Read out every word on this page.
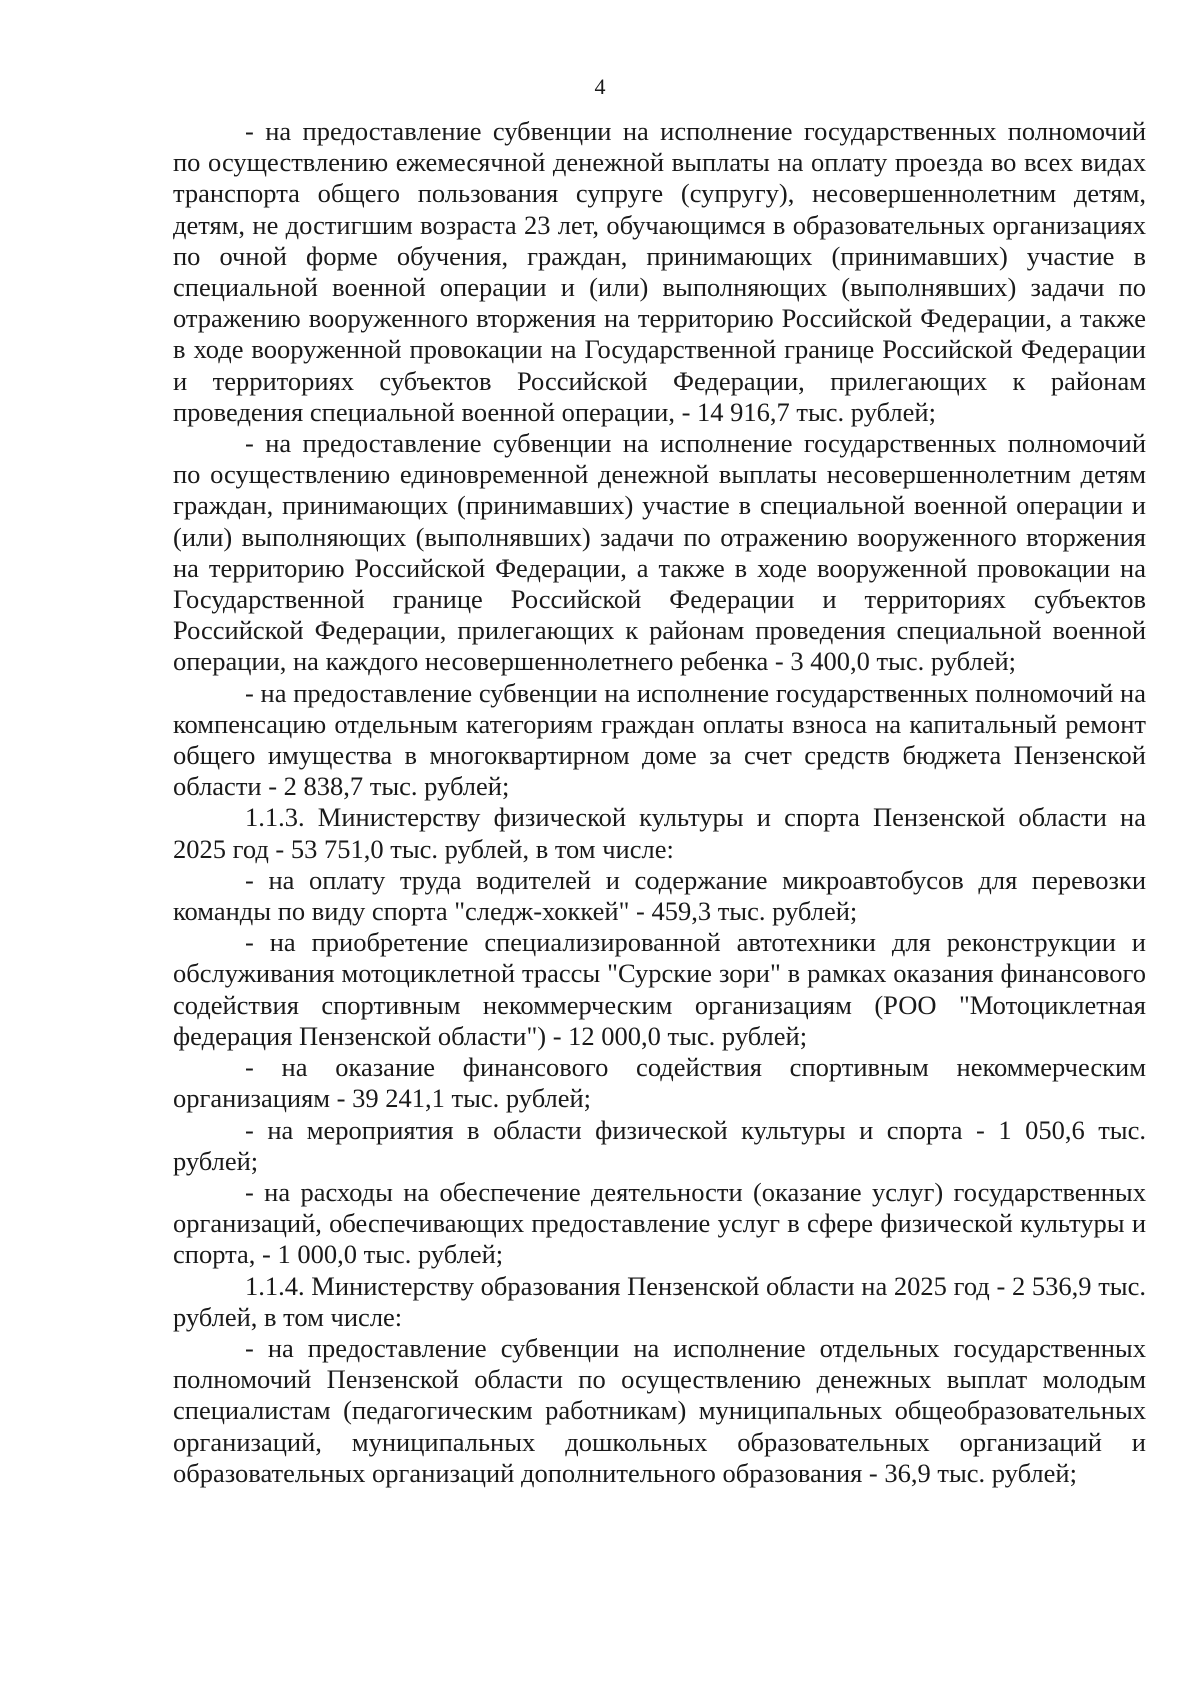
4

- на предоставление субвенции на исполнение государственных полномочий по осуществлению ежемесячной денежной выплаты на оплату проезда во всех видах транспорта общего пользования супруге (супругу), несовершеннолетним детям, детям, не достигшим возраста 23 лет, обучающимся в образовательных организациях по очной форме обучения, граждан, принимающих (принимавших) участие в специальной военной операции и (или) выполняющих (выполнявших) задачи по отражению вооруженного вторжения на территорию Российской Федерации, а также в ходе вооруженной провокации на Государственной границе Российской Федерации и территориях субъектов Российской Федерации, прилегающих к районам проведения специальной военной операции, - 14 916,7 тыс. рублей;

- на предоставление субвенции на исполнение государственных полномочий по осуществлению единовременной денежной выплаты несовершеннолетним детям граждан, принимающих (принимавших) участие в специальной военной операции и (или) выполняющих (выполнявших) задачи по отражению вооруженного вторжения на территорию Российской Федерации, а также в ходе вооруженной провокации на Государственной границе Российской Федерации и территориях субъектов Российской Федерации, прилегающих к районам проведения специальной военной операции, на каждого несовершеннолетнего ребенка - 3 400,0 тыс. рублей;

- на предоставление субвенции на исполнение государственных полномочий на компенсацию отдельным категориям граждан оплаты взноса на капитальный ремонт общего имущества в многоквартирном доме за счет средств бюджета Пензенской области - 2 838,7 тыс. рублей;

1.1.3. Министерству физической культуры и спорта Пензенской области на 2025 год - 53 751,0 тыс. рублей, в том числе:

- на оплату труда водителей и содержание микроавтобусов для перевозки команды по виду спорта "следж-хоккей" - 459,3 тыс. рублей;

- на приобретение специализированной автотехники для реконструкции и обслуживания мотоциклетной трассы "Сурские зори" в рамках оказания финансового содействия спортивным некоммерческим организациям (РОО "Мотоциклетная федерация Пензенской области") - 12 000,0 тыс. рублей;

- на оказание финансового содействия спортивным некоммерческим организациям - 39 241,1 тыс. рублей;

- на мероприятия в области физической культуры и спорта - 1 050,6 тыс. рублей;

- на расходы на обеспечение деятельности (оказание услуг) государственных организаций, обеспечивающих предоставление услуг в сфере физической культуры и спорта, - 1 000,0 тыс. рублей;

1.1.4. Министерству образования Пензенской области на 2025 год - 2 536,9 тыс. рублей, в том числе:

- на предоставление субвенции на исполнение отдельных государственных полномочий Пензенской области по осуществлению денежных выплат молодым специалистам (педагогическим работникам) муниципальных общеобразовательных организаций, муниципальных дошкольных образовательных организаций и образовательных организаций дополнительного образования - 36,9 тыс. рублей;
